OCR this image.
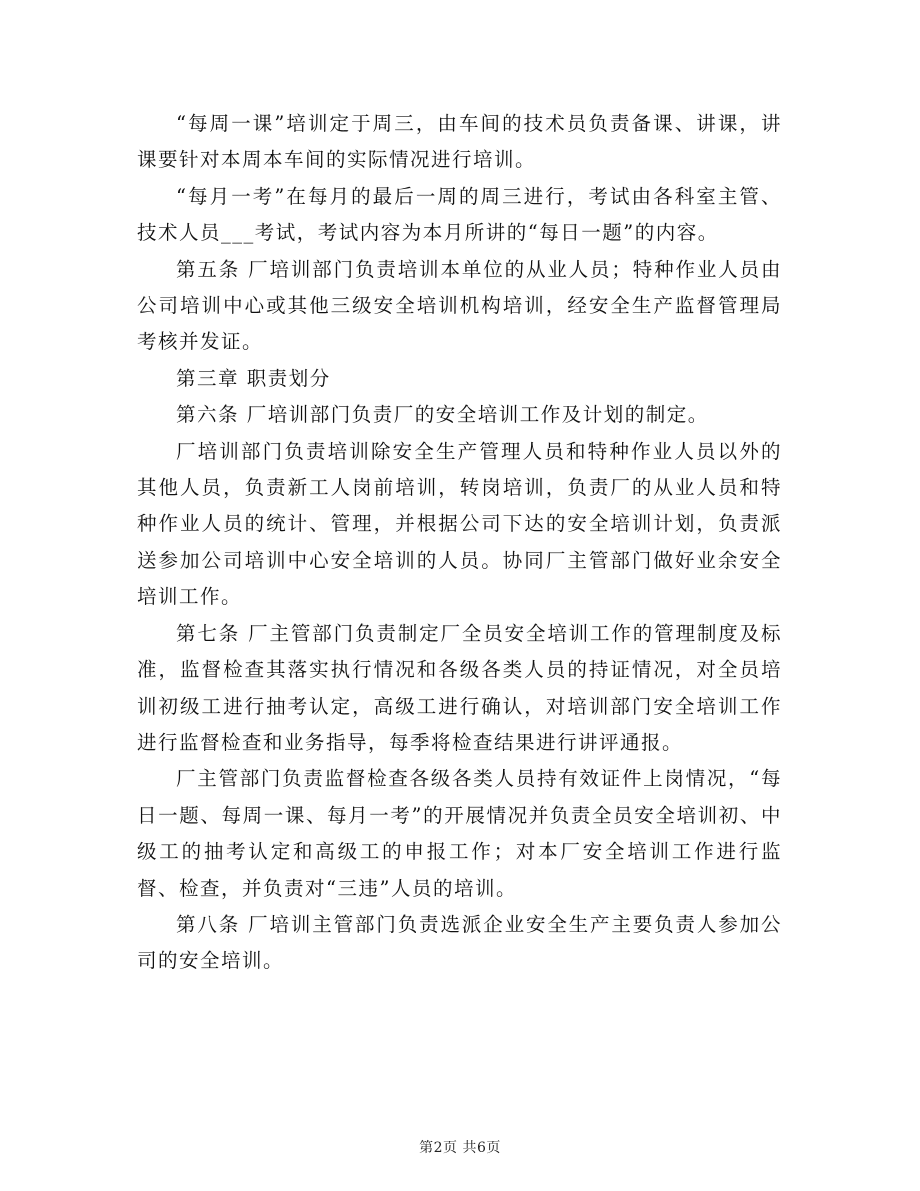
“每周一课”培训定于周三，由车间的技术员负责备课、讲课，讲课要针对本周本车间的实际情况进行培训。

“每月一考”在每月的最后一周的周三进行，考试由各科室主管、技术人员___考试，考试内容为本月所讲的“每日一题”的内容。

第五条 厂培训部门负责培训本单位的从业人员；特种作业人员由公司培训中心或其他三级安全培训机构培训，经安全生产监督管理局考核并发证。

第三章 职责划分

第六条 厂培训部门负责厂的安全培训工作及计划的制定。

厂培训部门负责培训除安全生产管理人员和特种作业人员以外的其他人员，负责新工人岗前培训，转岗培训，负责厂的从业人员和特种作业人员的统计、管理，并根据公司下达的安全培训计划，负责派送参加公司培训中心安全培训的人员。协同厂主管部门做好业余安全培训工作。

第七条 厂主管部门负责制定厂全员安全培训工作的管理制度及标准，监督检查其落实执行情况和各级各类人员的持证情况，对全员培训初级工进行抽考认定，高级工进行确认，对培训部门安全培训工作进行监督检查和业务指导，每季将检查结果进行讲评通报。

厂主管部门负责监督检查各级各类人员持有效证件上岗情况，“每日一题、每周一课、每月一考”的开展情况并负责全员安全培训初、中级工的抽考认定和高级工的申报工作；对本厂安全培训工作进行监督、检查，并负责对“三违”人员的培训。

第八条 厂培训主管部门负责选派企业安全生产主要负责人参加公司的安全培训。

第2页 共6页
